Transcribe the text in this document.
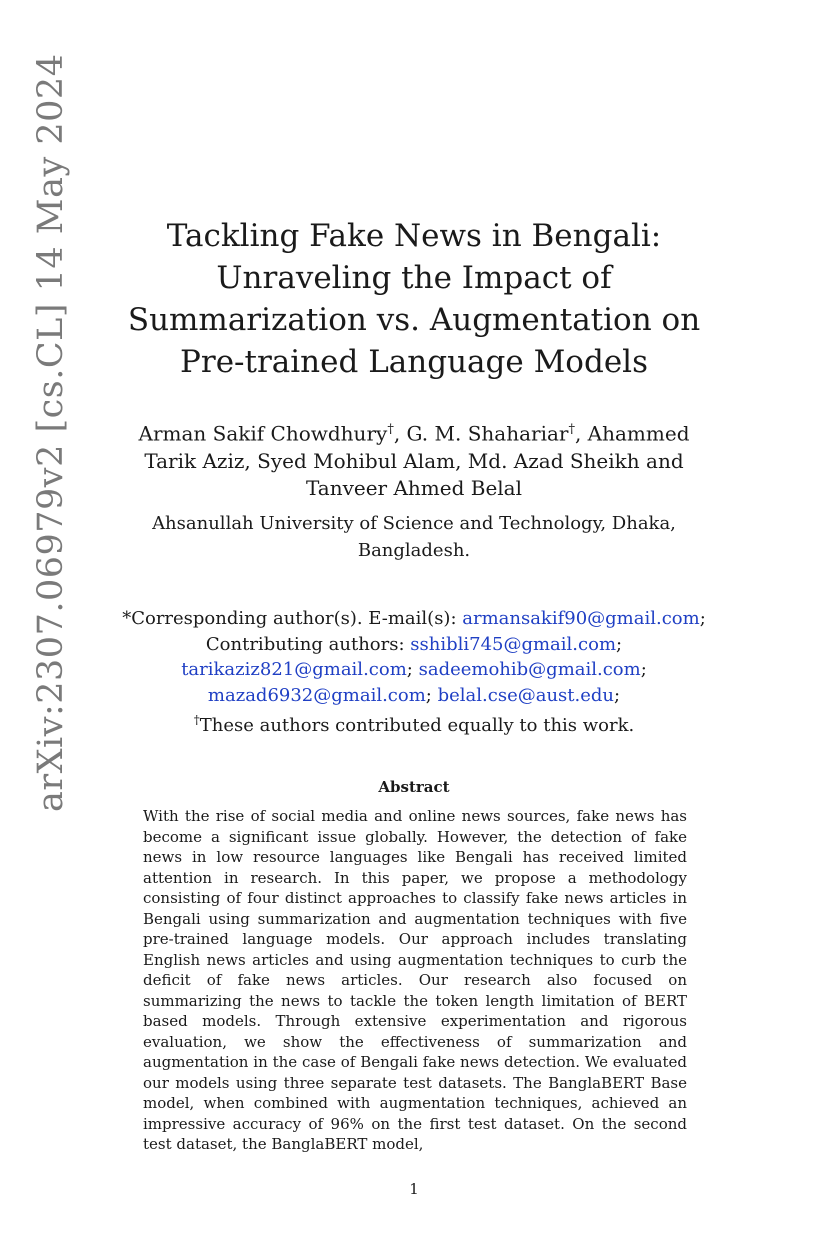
arXiv:2307.06979v2 [cs.CL] 14 May 2024	Tackling Fake News in Bengali: Unraveling the Impact of Summarization vs. Augmentation on Pre-trained Language Models
Arman Sakif Chowdhury†, G. M. Shahariar†, Ahammed Tarik Aziz, Syed Mohibul Alam, Md. Azad Sheikh and Tanveer Ahmed Belal
Ahsanullah University of Science and Technology, Dhaka, Bangladesh.
*Corresponding author(s). E-mail(s): armansakif90@gmail.com;
Contributing authors: sshibli745@gmail.com;
tarikaziz821@gmail.com; sadeemohib@gmail.com;
mazad6932@gmail.com; belal.cse@aust.edu;
†These authors contributed equally to this work.
Abstract
With the rise of social media and online news sources, fake news has become a significant issue globally. However, the detection of fake news in low resource languages like Bengali has received limited attention in research. In this paper, we propose a methodology consisting of four distinct approaches to classify fake news articles in Bengali using summarization and augmentation techniques with five pre-trained language models. Our approach includes translating English news articles and using augmentation techniques to curb the deficit of fake news articles. Our research also focused on summarizing the news to tackle the token length limitation of BERT based models. Through extensive experimentation and rigorous evaluation, we show the effectiveness of summarization and augmentation in the case of Bengali fake news detection. We evaluated our models using three separate test datasets. The BanglaBERT Base model, when combined with augmentation techniques, achieved an impressive accuracy of 96% on the first test dataset. On the second test dataset, the BanglaBERT model,
1
